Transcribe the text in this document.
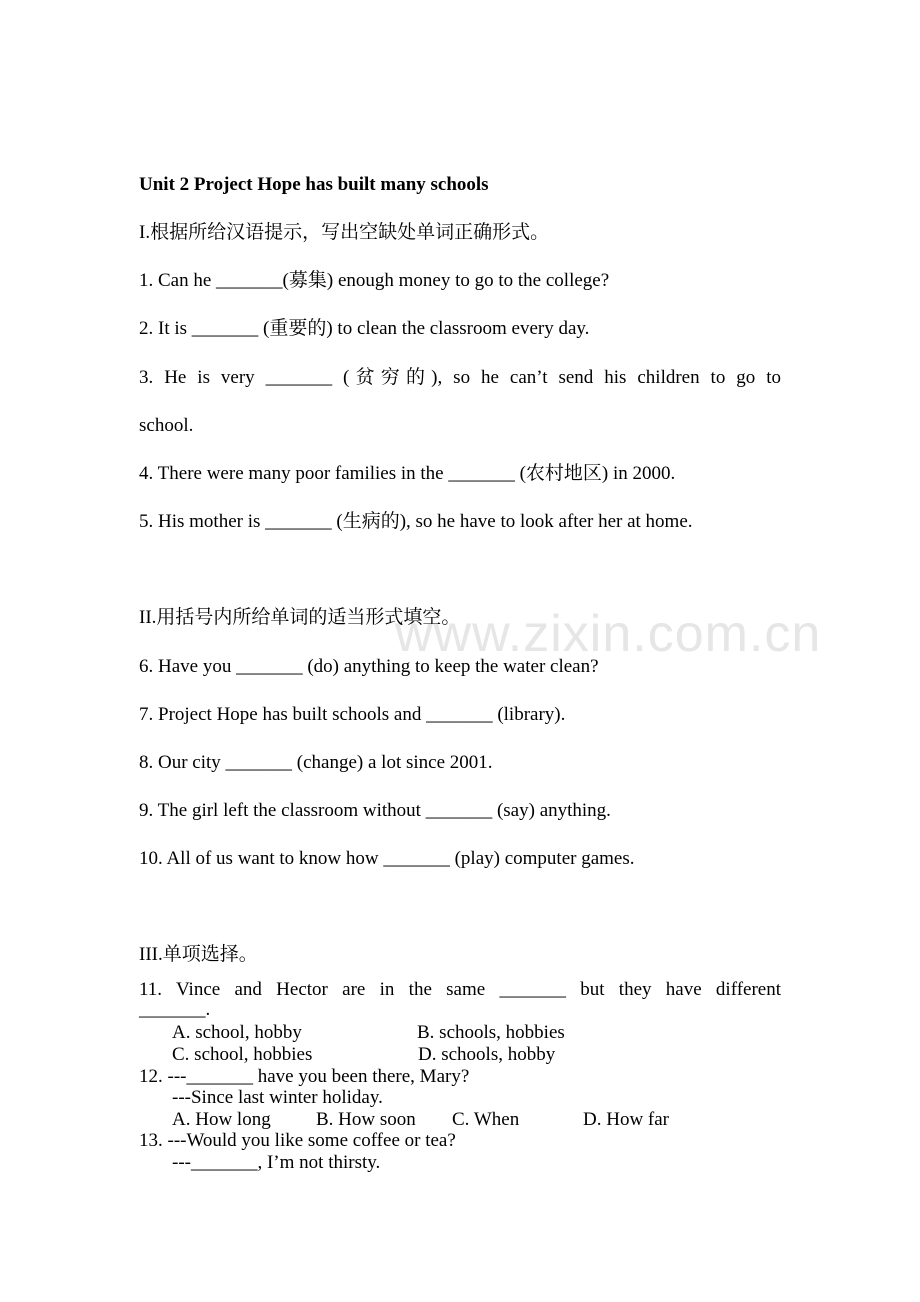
www.zixin.com.cn
Unit 2 Project Hope has built many schools
I.根据所给汉语提示，写出空缺处单词正确形式。
1. Can he _______(募集) enough money to go to the college?
2. It is _______ (重要的) to clean the classroom every day.
3. He is very _______ (贫穷的), so he can’t send his children to go to
school.
4. There were many poor families in the _______ (农村地区) in 2000.
5. His mother is _______ (生病的), so he have to look after her at home.
II.用括号内所给单词的适当形式填空。
6. Have you _______ (do) anything to keep the water clean?
7. Project Hope has built schools and _______ (library).
8. Our city _______ (change) a lot since 2001.
9. The girl left the classroom without _______ (say) anything.
10. All of us want to know how _______ (play) computer games.
III.单项选择。
11. Vince and Hector are in the same _______ but they have different
_______.
A. school, hobby	B. schools, hobbies
C. school, hobbies	D. schools, hobby
12. ---_______ have you been there, Mary?
---Since last winter holiday.
A. How long B. How soon C. When	D. How far
13. ---Would you like some coffee or tea?
---_______, I’m not thirsty.
